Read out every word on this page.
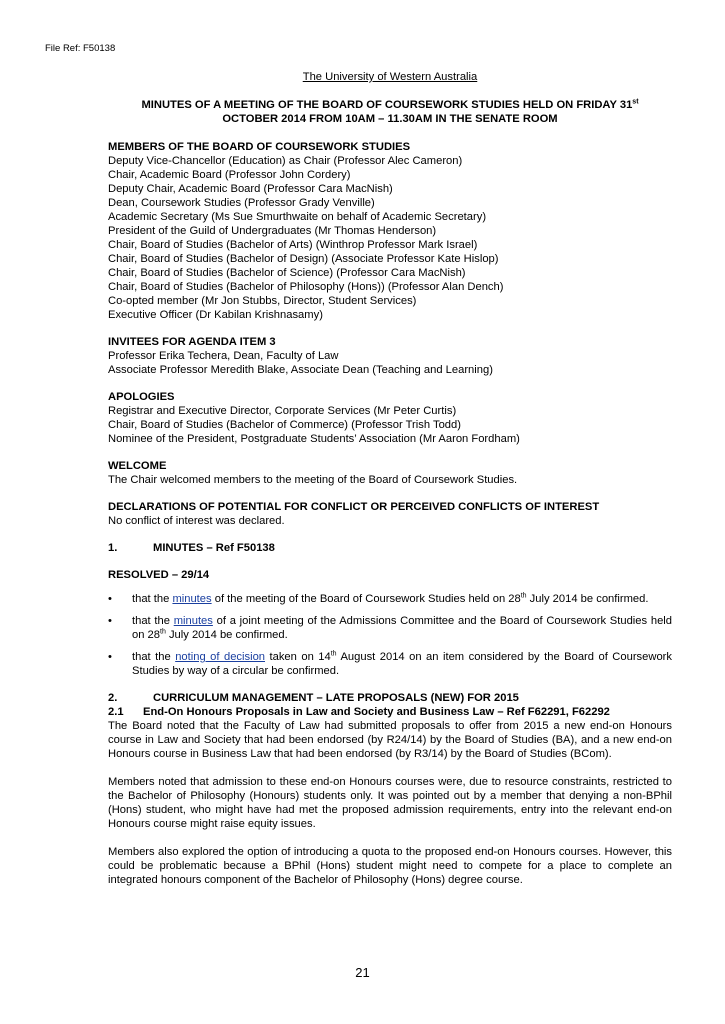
File Ref: F50138
The University of Western Australia
MINUTES OF A MEETING OF THE BOARD OF COURSEWORK STUDIES HELD ON FRIDAY 31st
OCTOBER 2014 FROM 10AM – 11.30AM IN THE SENATE ROOM
MEMBERS OF THE BOARD OF COURSEWORK STUDIES
Deputy Vice-Chancellor (Education) as Chair (Professor Alec Cameron)
Chair, Academic Board (Professor John Cordery)
Deputy Chair, Academic Board (Professor Cara MacNish)
Dean, Coursework Studies (Professor Grady Venville)
Academic Secretary (Ms Sue Smurthwaite on behalf of Academic Secretary)
President of the Guild of Undergraduates (Mr Thomas Henderson)
Chair, Board of Studies (Bachelor of Arts) (Winthrop Professor Mark Israel)
Chair, Board of Studies (Bachelor of Design) (Associate Professor Kate Hislop)
Chair, Board of Studies (Bachelor of Science) (Professor Cara MacNish)
Chair, Board of Studies (Bachelor of Philosophy (Hons)) (Professor Alan Dench)
Co-opted member (Mr Jon Stubbs, Director, Student Services)
Executive Officer (Dr Kabilan Krishnasamy)
INVITEES FOR AGENDA ITEM 3
Professor Erika Techera, Dean, Faculty of Law
Associate Professor Meredith Blake, Associate Dean (Teaching and Learning)
APOLOGIES
Registrar and Executive Director, Corporate Services (Mr Peter Curtis)
Chair, Board of Studies (Bachelor of Commerce) (Professor Trish Todd)
Nominee of the President, Postgraduate Students’ Association (Mr Aaron Fordham)
WELCOME
The Chair welcomed members to the meeting of the Board of Coursework Studies.
DECLARATIONS OF POTENTIAL FOR CONFLICT OR PERCEIVED CONFLICTS OF INTEREST
No conflict of interest was declared.
1.	MINUTES – Ref F50138
RESOLVED – 29/14
• that the minutes of the meeting of the Board of Coursework Studies held on 28th July 2014 be confirmed.
• that the minutes of a joint meeting of the Admissions Committee and the Board of Coursework Studies held on 28th July 2014 be confirmed.
• that the noting of decision taken on 14th August 2014 on an item considered by the Board of Coursework Studies by way of a circular be confirmed.
2.	CURRICULUM MANAGEMENT – LATE PROPOSALS (NEW) FOR 2015
2.1	End-On Honours Proposals in Law and Society and Business Law – Ref F62291, F62292

The Board noted that the Faculty of Law had submitted proposals to offer from 2015 a new end-on Honours course in Law and Society that had been endorsed (by R24/14) by the Board of Studies (BA), and a new end-on Honours course in Business Law that had been endorsed (by R3/14) by the Board of Studies (BCom).

Members noted that admission to these end-on Honours courses were, due to resource constraints, restricted to the Bachelor of Philosophy (Honours) students only. It was pointed out by a member that denying a non-BPhil (Hons) student, who might have had met the proposed admission requirements, entry into the relevant end-on Honours course might raise equity issues.

Members also explored the option of introducing a quota to the proposed end-on Honours courses. However, this could be problematic because a BPhil (Hons) student might need to compete for a place to complete an integrated honours component of the Bachelor of Philosophy (Hons) degree course.

21
